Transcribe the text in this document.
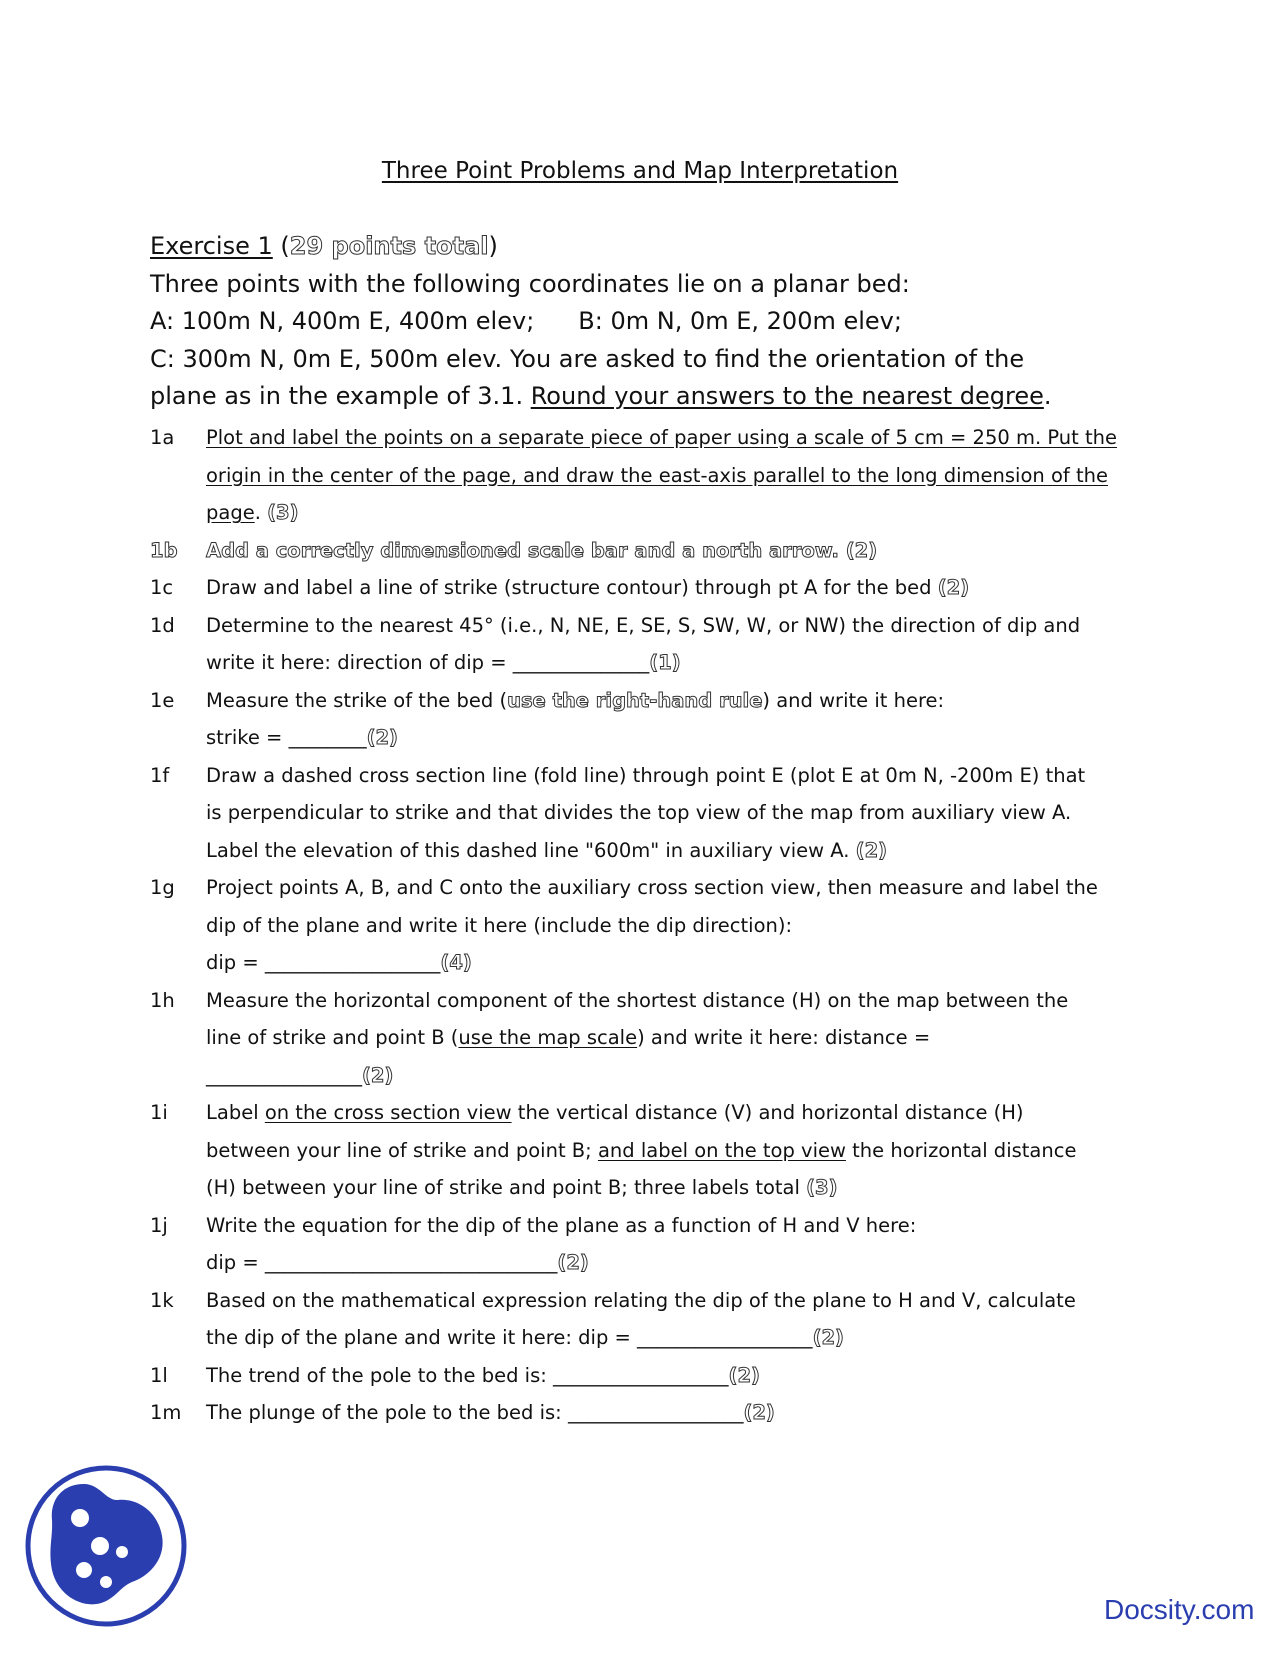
Three Point Problems and Map Interpretation
Exercise 1 (29 points total)
Three points with the following coordinates lie on a planar bed:
A: 100m N, 400m E, 400m elev; B: 0m N, 0m E, 200m elev;
C: 300m N, 0m E, 500m elev. You are asked to find the orientation of the
plane as in the example of 3.1. Round your answers to the nearest degree.
1a	Plot and label the points on a separate piece of paper using a scale of 5 cm = 250 m. Put the origin in the center of the page, and draw the east-axis parallel to the long dimension of the page. (3)
1b	Add a correctly dimensioned scale bar and a north arrow. (2)
1c	Draw and label a line of strike (structure contour) through pt A for the bed (2)
1d	Determine to the nearest 45° (i.e., N, NE, E, SE, S, SW, W, or NW) the direction of dip and
write it here: direction of dip = ______________(1)
1e	Measure the strike of the bed (use the right-hand rule) and write it here:
strike = ________(2)
1f	Draw a dashed cross section line (fold line) through point E (plot E at 0m N, -200m E) that
is perpendicular to strike and that divides the top view of the map from auxiliary view A.
Label the elevation of this dashed line "600m" in auxiliary view A. (2)
1g	Project points A, B, and C onto the auxiliary cross section view, then measure and label the
dip of the plane and write it here (include the dip direction):
dip = __________________(4)
1h	Measure the horizontal component of the shortest distance (H) on the map between the
line of strike and point B (use the map scale) and write it here: distance =
________________(2)
1i	Label on the cross section view the vertical distance (V) and horizontal distance (H)
between your line of strike and point B; and label on the top view the horizontal distance
(H) between your line of strike and point B; three labels total (3)
1j	Write the equation for the dip of the plane as a function of H and V here:
dip = ______________________________(2)
1k	Based on the mathematical expression relating the dip of the plane to H and V, calculate
the dip of the plane and write it here: dip = __________________(2)
1l	The trend of the pole to the bed is: __________________(2)
1m	The plunge of the pole to the bed is: __________________(2)
Docsity.com
